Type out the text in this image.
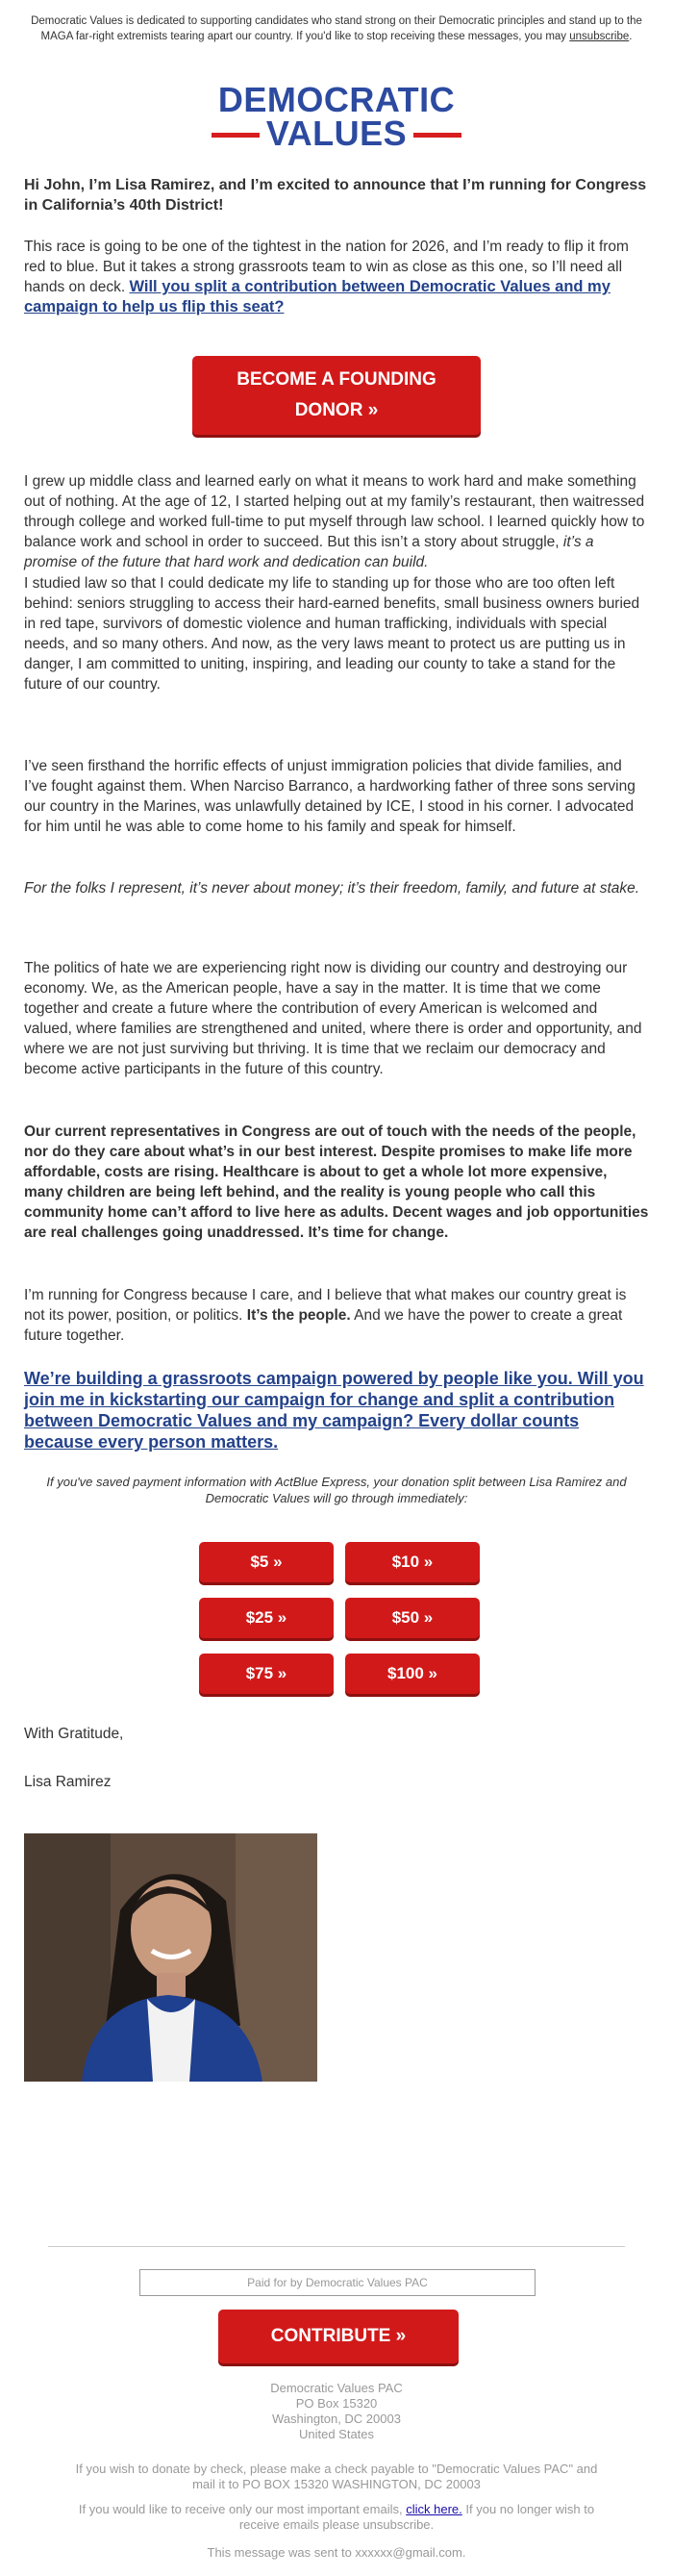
Democratic Values is dedicated to supporting candidates who stand strong on their Democratic principles and stand up to the MAGA far-right extremists tearing apart our country. If you'd like to stop receiving these messages, you may unsubscribe.
DEMOCRATIC
VALUES
Hi John, I’m Lisa Ramirez, and I’m excited to announce that I’m running for Congress in California’s 40th District!
This race is going to be one of the tightest in the nation for 2026, and I’m ready to flip it from red to blue. But it takes a strong grassroots team to win as close as this one, so I’ll need all hands on deck. Will you split a contribution between Democratic Values and my campaign to help us flip this seat?
BECOME A FOUNDING
DONOR »
I grew up middle class and learned early on what it means to work hard and make something out of nothing. At the age of 12, I started helping out at my family’s restaurant, then waitressed through college and worked full-time to put myself through law school. I learned quickly how to balance work and school in order to succeed. But this isn’t a story about struggle, it’s a promise of the future that hard work and dedication can build.
I studied law so that I could dedicate my life to standing up for those who are too often left behind: seniors struggling to access their hard-earned benefits, small business owners buried in red tape, survivors of domestic violence and human trafficking, individuals with special needs, and so many others. And now, as the very laws meant to protect us are putting us in danger, I am committed to uniting, inspiring, and leading our county to take a stand for the future of our country.
I’ve seen firsthand the horrific effects of unjust immigration policies that divide families, and I’ve fought against them. When Narciso Barranco, a hardworking father of three sons serving our country in the Marines, was unlawfully detained by ICE, I stood in his corner. I advocated for him until he was able to come home to his family and speak for himself.
For the folks I represent, it’s never about money; it’s their freedom, family, and future at stake.
The politics of hate we are experiencing right now is dividing our country and destroying our economy. We, as the American people, have a say in the matter. It is time that we come together and create a future where the contribution of every American is welcomed and valued, where families are strengthened and united, where there is order and opportunity, and where we are not just surviving but thriving. It is time that we reclaim our democracy and become active participants in the future of this country.
Our current representatives in Congress are out of touch with the needs of the people, nor do they care about what’s in our best interest. Despite promises to make life more affordable, costs are rising. Healthcare is about to get a whole lot more expensive, many children are being left behind, and the reality is young people who call this community home can’t afford to live here as adults. Decent wages and job opportunities are real challenges going unaddressed. It’s time for change.
I’m running for Congress because I care, and I believe that what makes our country great is not its power, position, or politics. It’s the people. And we have the power to create a great future together.
We’re building a grassroots campaign powered by people like you. Will you join me in kickstarting our campaign for change and split a contribution between Democratic Values and my campaign? Every dollar counts because every person matters.
If you've saved payment information with ActBlue Express, your donation split between Lisa Ramirez and Democratic Values will go through immediately:
$5 »	$10 »
$25 »	$50 »
$75 »	$100 »
With Gratitude,
Lisa Ramirez
Paid for by Democratic Values PAC
CONTRIBUTE »
Democratic Values PAC
PO Box 15320
Washington, DC 20003
United States
If you wish to donate by check, please make a check payable to "Democratic Values PAC" and mail it to PO BOX 15320 WASHINGTON, DC 20003
If you would like to receive only our most important emails, click here. If you no longer wish to receive emails please unsubscribe.
This message was sent to xxxxxx@gmail.com.
